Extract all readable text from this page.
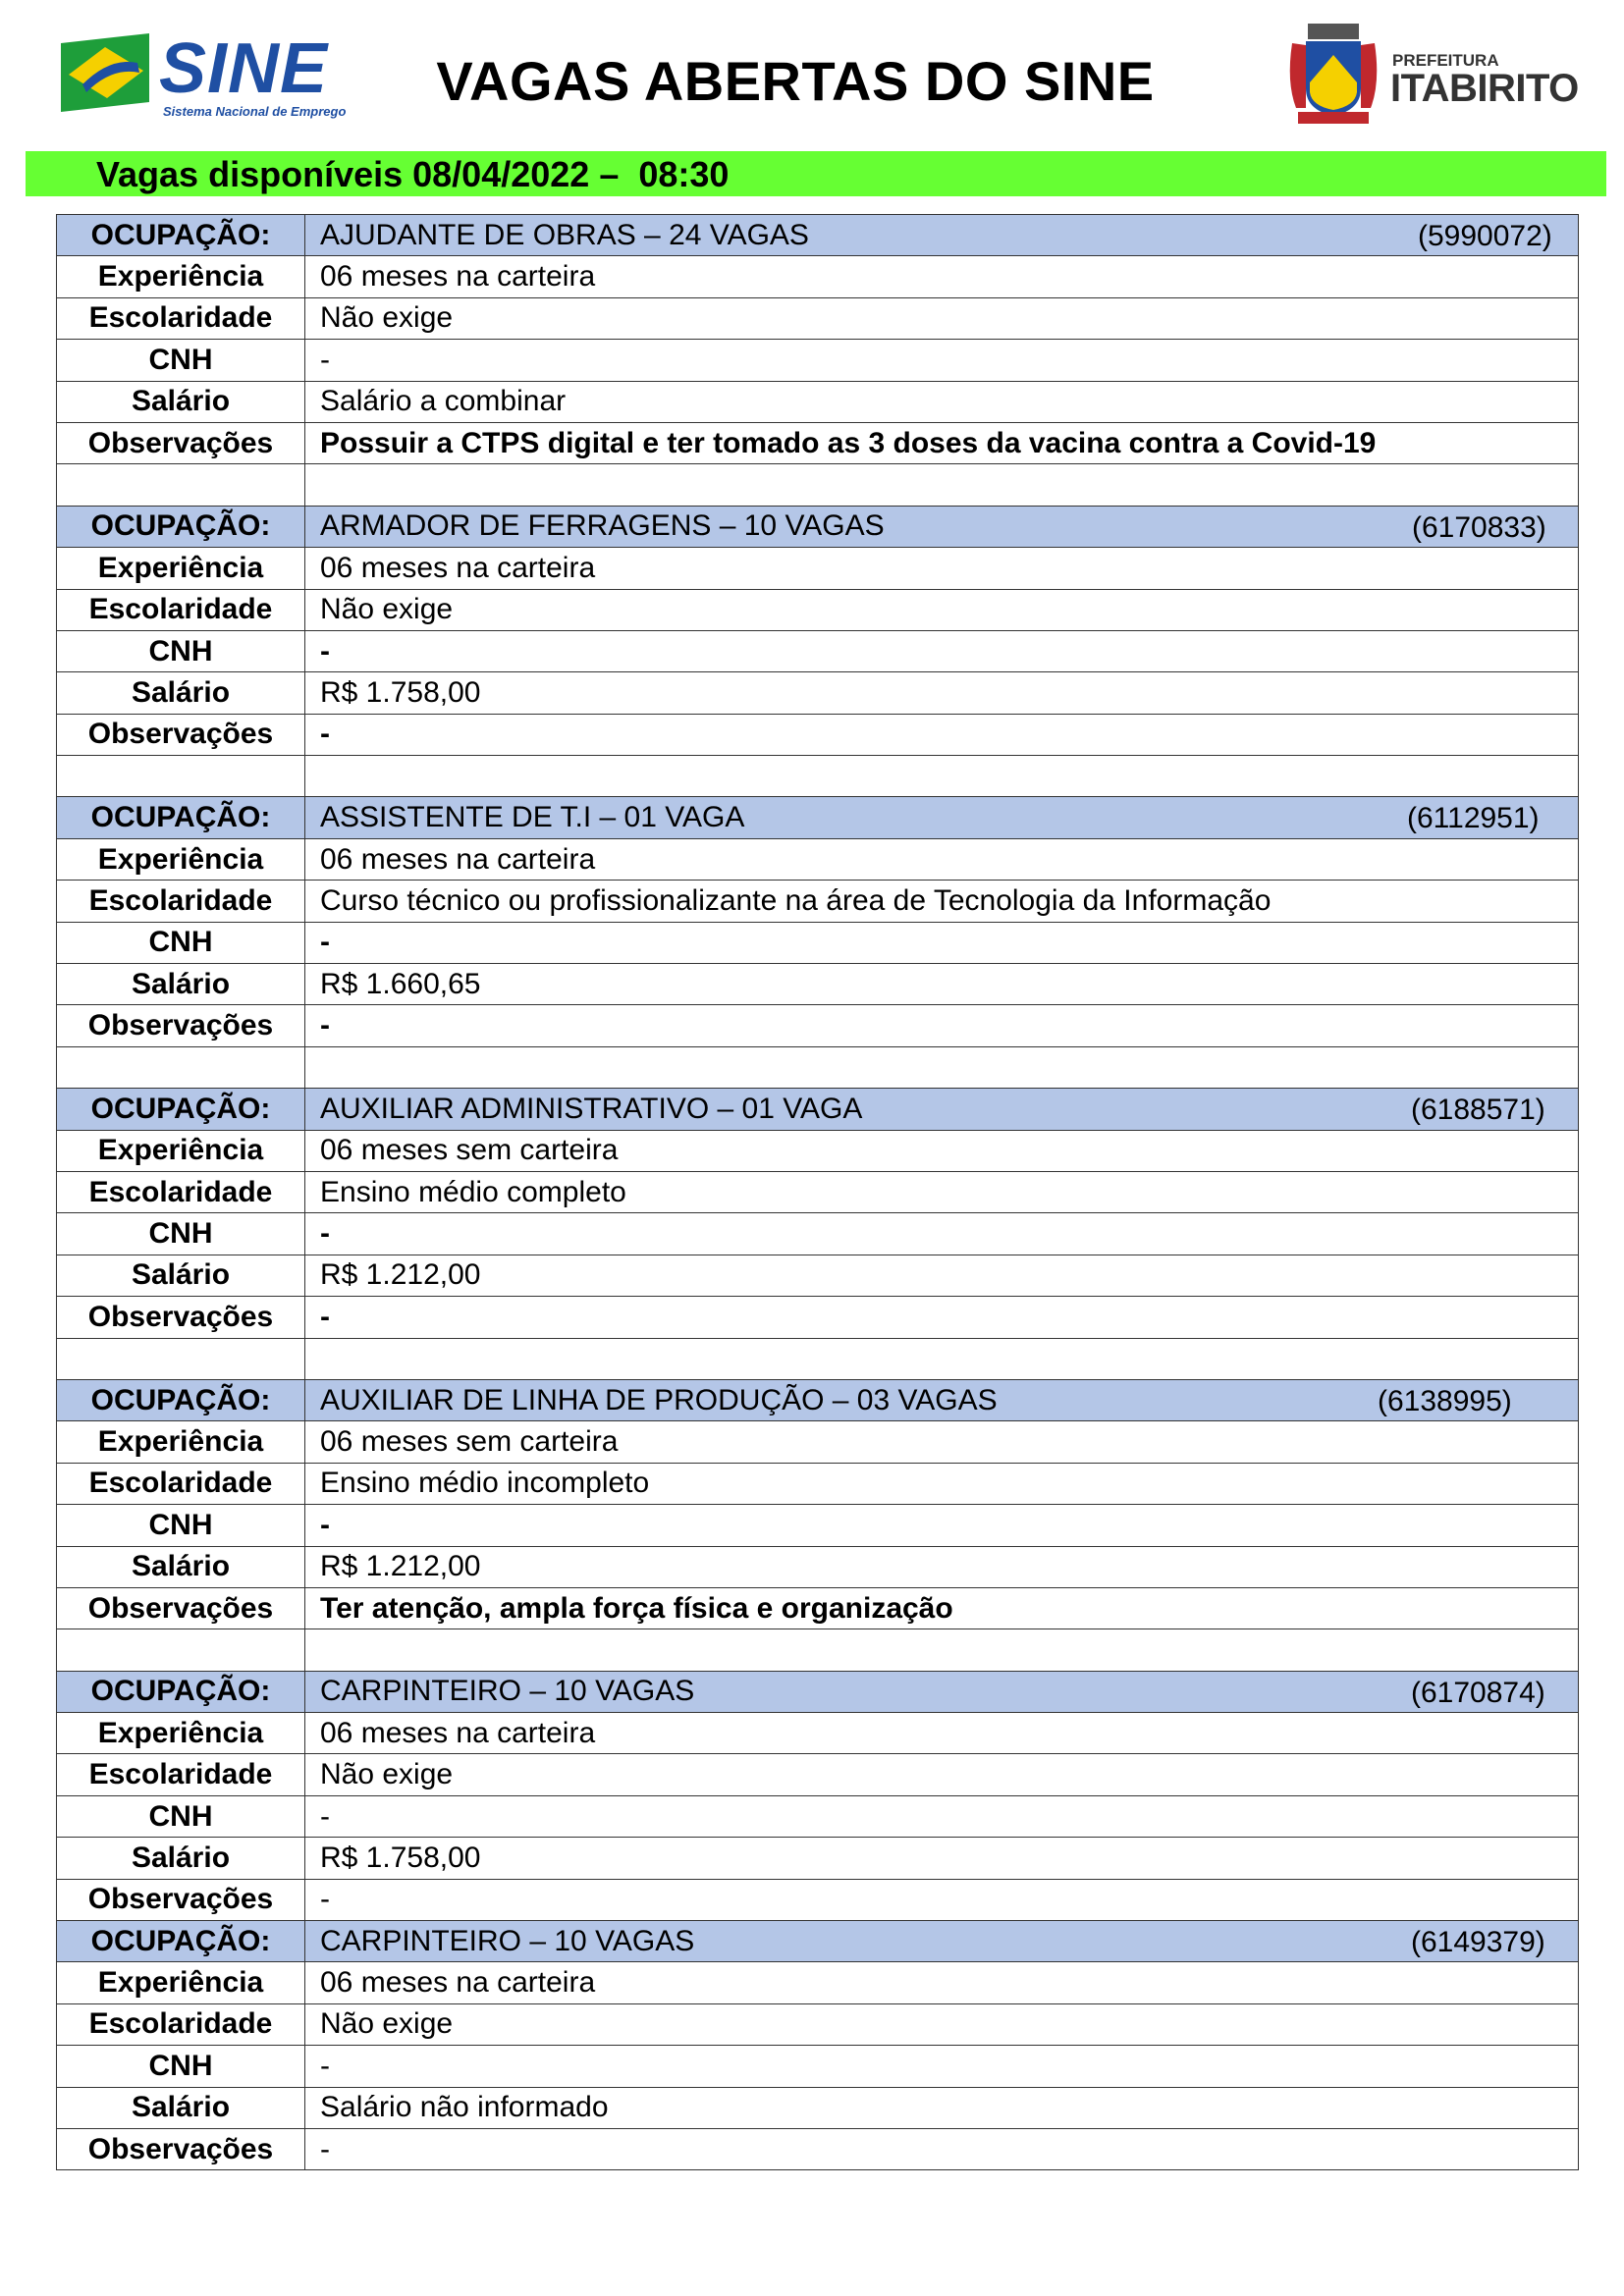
SINE
Sistema Nacional de Emprego	VAGAS ABERTAS DO SINE	PREFEITURA
ITABIRITO
Vagas disponíveis 08/04/2022 –  08:30
OCUPAÇÃO:	AJUDANTE DE OBRAS – 24 VAGAS (5990072)

Experiência	06 meses na carteira
Escolaridade	Não exige
CNH	-
Salário	Salário a combinar
Observações	Possuir a CTPS digital e ter tomado as 3 doses da vacina contra a Covid-19

OCUPAÇÃO:	ARMADOR DE FERRAGENS – 10 VAGAS (6170833)

Experiência	06 meses na carteira
Escolaridade	Não exige
CNH	-
Salário	R$ 1.758,00
Observações	-

OCUPAÇÃO:	ASSISTENTE DE T.I – 01 VAGA (6112951)

Experiência	06 meses na carteira
Escolaridade	Curso técnico ou profissionalizante na área de Tecnologia da Informação
CNH	-
Salário	R$ 1.660,65
Observações	-

OCUPAÇÃO:	AUXILIAR ADMINISTRATIVO – 01 VAGA (6188571)

Experiência	06 meses sem carteira
Escolaridade	Ensino médio completo
CNH	-
Salário	R$ 1.212,00
Observações	-

OCUPAÇÃO:	AUXILIAR DE LINHA DE PRODUÇÃO – 03 VAGAS (6138995)

Experiência	06 meses sem carteira
Escolaridade	Ensino médio incompleto
CNH	-
Salário	R$ 1.212,00
Observações	Ter atenção, ampla força física e organização

OCUPAÇÃO:	CARPINTEIRO – 10 VAGAS (6170874)

Experiência	06 meses na carteira
Escolaridade	Não exige
CNH	-
Salário	R$ 1.758,00
Observações	-
OCUPAÇÃO:	CARPINTEIRO – 10 VAGAS (6149379)

Experiência	06 meses na carteira
Escolaridade	Não exige
CNH	-
Salário	Salário não informado
Observações	-
